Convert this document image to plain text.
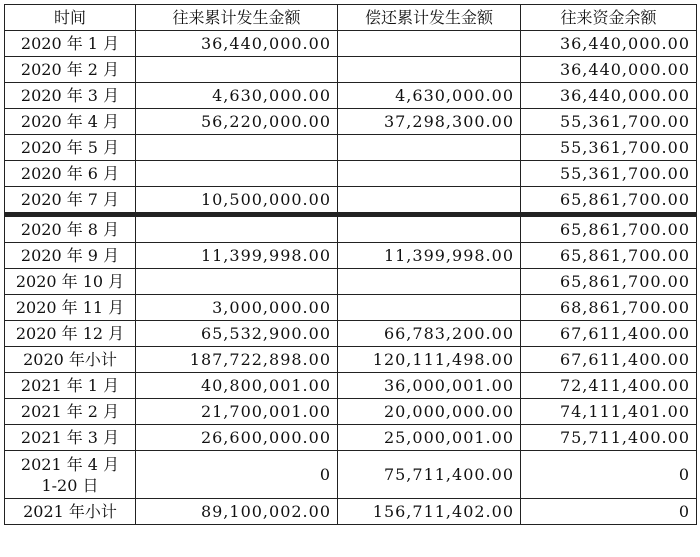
时间	往来累计发生金额	偿还累计发生金额	往来资金余额
2020 年 1 月	36,440,000.00		36,440,000.00
2020 年 2 月			36,440,000.00
2020 年 3 月	4,630,000.00	4,630,000.00	36,440,000.00
2020 年 4 月	56,220,000.00	37,298,300.00	55,361,700.00
2020 年 5 月			55,361,700.00
2020 年 6 月			55,361,700.00
2020 年 7 月	10,500,000.00		65,861,700.00
2020 年 8 月			65,861,700.00
2020 年 9 月	11,399,998.00	11,399,998.00	65,861,700.00
2020 年 10 月			65,861,700.00
2020 年 11 月	3,000,000.00		68,861,700.00
2020 年 12 月	65,532,900.00	66,783,200.00	67,611,400.00
2020 年小计	187,722,898.00	120,111,498.00	67,611,400.00
2021 年 1 月	40,800,001.00	36,000,001.00	72,411,400.00
2021 年 2 月	21,700,001.00	20,000,000.00	74,111,401.00
2021 年 3 月	26,600,000.00	25,000,001.00	75,711,400.00
2021 年 4 月
1-20 日	0	75,711,400.00	0
2021 年小计	89,100,002.00	156,711,402.00	0
